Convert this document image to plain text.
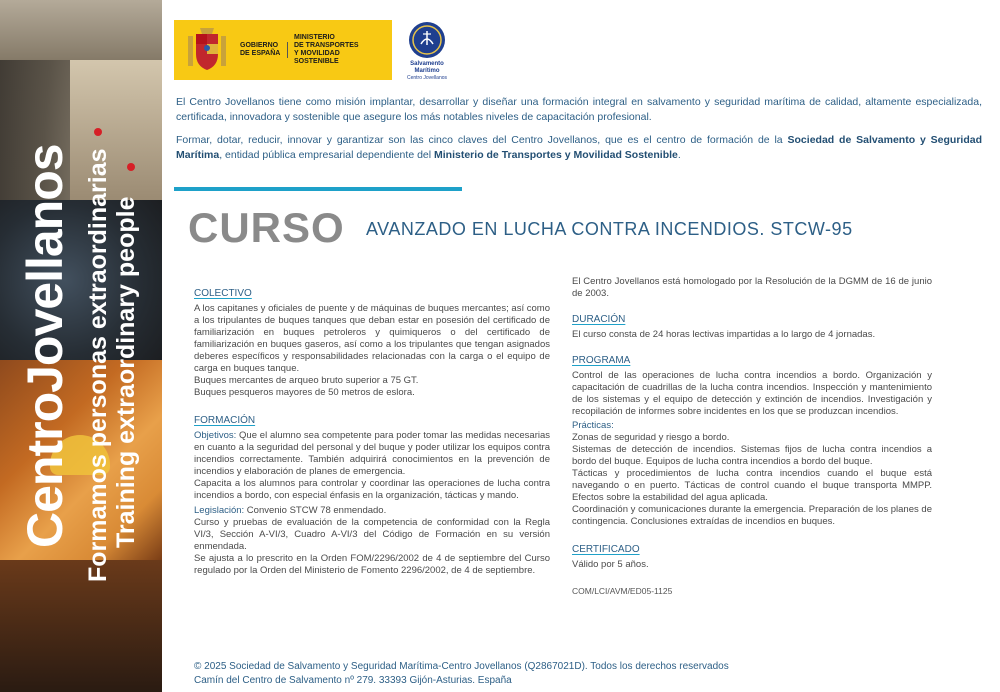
CentroJovellanos Formamos personas extraordinarias Training extraordinary people
GOBIERNO
DE ESPAÑA
MINISTERIO
DE TRANSPORTES
Y MOVILIDAD SOSTENIBLE	Salvamento Marítimo
Centro Jovellanos

El Centro Jovellanos tiene como misión implantar, desarrollar y diseñar una formación integral en salvamento y seguridad marítima de calidad, altamente especializada, certificada, innovadora y sostenible que asegure los más notables niveles de capacitación profesional.

Formar, dotar, reducir, innovar y garantizar son las cinco claves del Centro Jovellanos, que es el centro de formación de la Sociedad de Salvamento y Seguridad Marítima, entidad pública empresarial dependiente del Ministerio de Transportes y Movilidad Sostenible.

CURSO AVANZADO EN LUCHA CONTRA INCENDIOS. STCW-95
COLECTIVO

A los capitanes y oficiales de puente y de máquinas de buques mercantes; así como a los tripulantes de buques tanques que deban estar en posesión del certificado de familiarización en buques petroleros y quimiqueros o del certificado de familiarización en buques gaseros, así como a los tripulantes que tengan asignados deberes específicos y responsabilidades relacionadas con la carga o el equipo de carga en buques tanque.

Buques mercantes de arqueo bruto superior a 75 GT.

Buques pesqueros mayores de 50 metros de eslora.

FORMACIÓN

Objetivos: Que el alumno sea competente para poder tomar las medidas necesarias en cuanto a la seguridad del personal y del buque y poder utilizar los equipos contra incendios correctamente. También adquirirá conocimientos en la prevención de incendios y elaboración de planes de emergencia.

Capacita a los alumnos para controlar y coordinar las operaciones de lucha contra incendios a bordo, con especial énfasis en la organización, tácticas y mando.

Legislación: Convenio STCW 78 enmendado.

Curso y pruebas de evaluación de la competencia de conformidad con la Regla VI/3, Sección A-VI/3, Cuadro A-VI/3 del Código de Formación en su versión enmendada.

Se ajusta a lo prescrito en la Orden FOM/2296/2002 de 4 de septiembre del Curso regulado por la Orden del Ministerio de Fomento 2296/2002, de 4 de septiembre.

El Centro Jovellanos está homologado por la Resolución de la DGMM de 16 de junio de 2003.

DURACIÓN

El curso consta de 24 horas lectivas impartidas a lo largo de 4 jornadas.

PROGRAMA

Control de las operaciones de lucha contra incendios a bordo. Organización y capacitación de cuadrillas de la lucha contra incendios. Inspección y mantenimiento de los sistemas y el equipo de detección y extinción de incendios. Investigación y recopilación de informes sobre incidentes en los que se produzcan incendios.

Prácticas:

Zonas de seguridad y riesgo a bordo.

Sistemas de detección de incendios. Sistemas fijos de lucha contra incendios a bordo del buque. Equipos de lucha contra incendios a bordo del buque.

Tácticas y procedimientos de lucha contra incendios cuando el buque está navegando o en puerto. Tácticas de control cuando el buque transporta MMPP. Efectos sobre la estabilidad del agua aplicada.

Coordinación y comunicaciones durante la emergencia. Preparación de los planes de contingencia. Conclusiones extraídas de incendios en buques.

CERTIFICADO

Válido por 5 años.

COM/LCI/AVM/ED05-1125

© 2025 Sociedad de Salvamento y Seguridad Marítima-Centro Jovellanos (Q2867021D). Todos los derechos reservados
Camín del Centro de Salvamento nº 279. 33393 Gijón-Asturias. España
